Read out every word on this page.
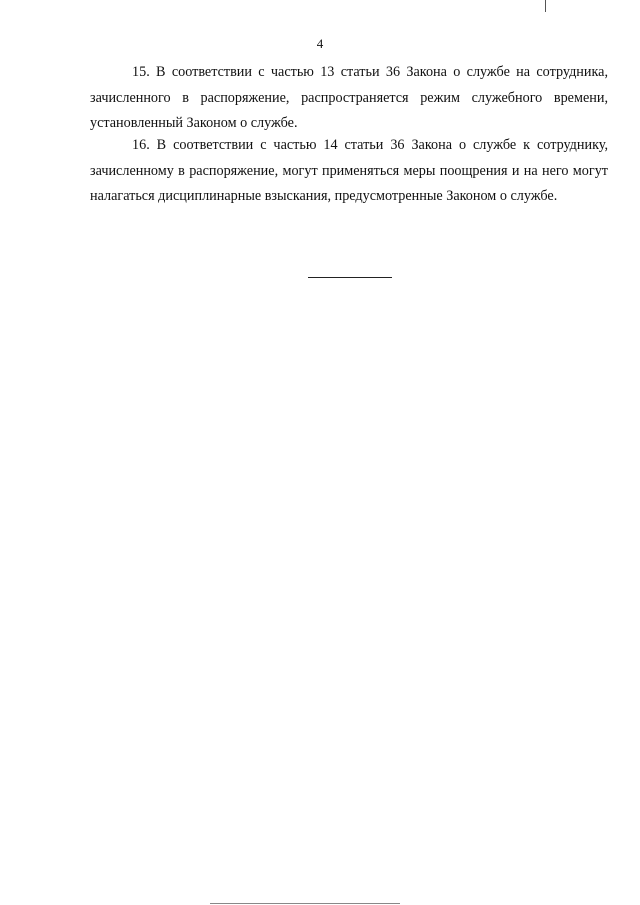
4

15. В соответствии с частью 13 статьи 36 Закона о службе на сотрудника, зачисленного в распоряжение, распространяется режим служебного времени, установленный Законом о службе.

16. В соответствии с частью 14 статьи 36 Закона о службе к сотруднику, зачисленному в распоряжение, могут применяться меры поощрения и на него могут налагаться дисциплинарные взыскания, предусмотренные Законом о службе.
